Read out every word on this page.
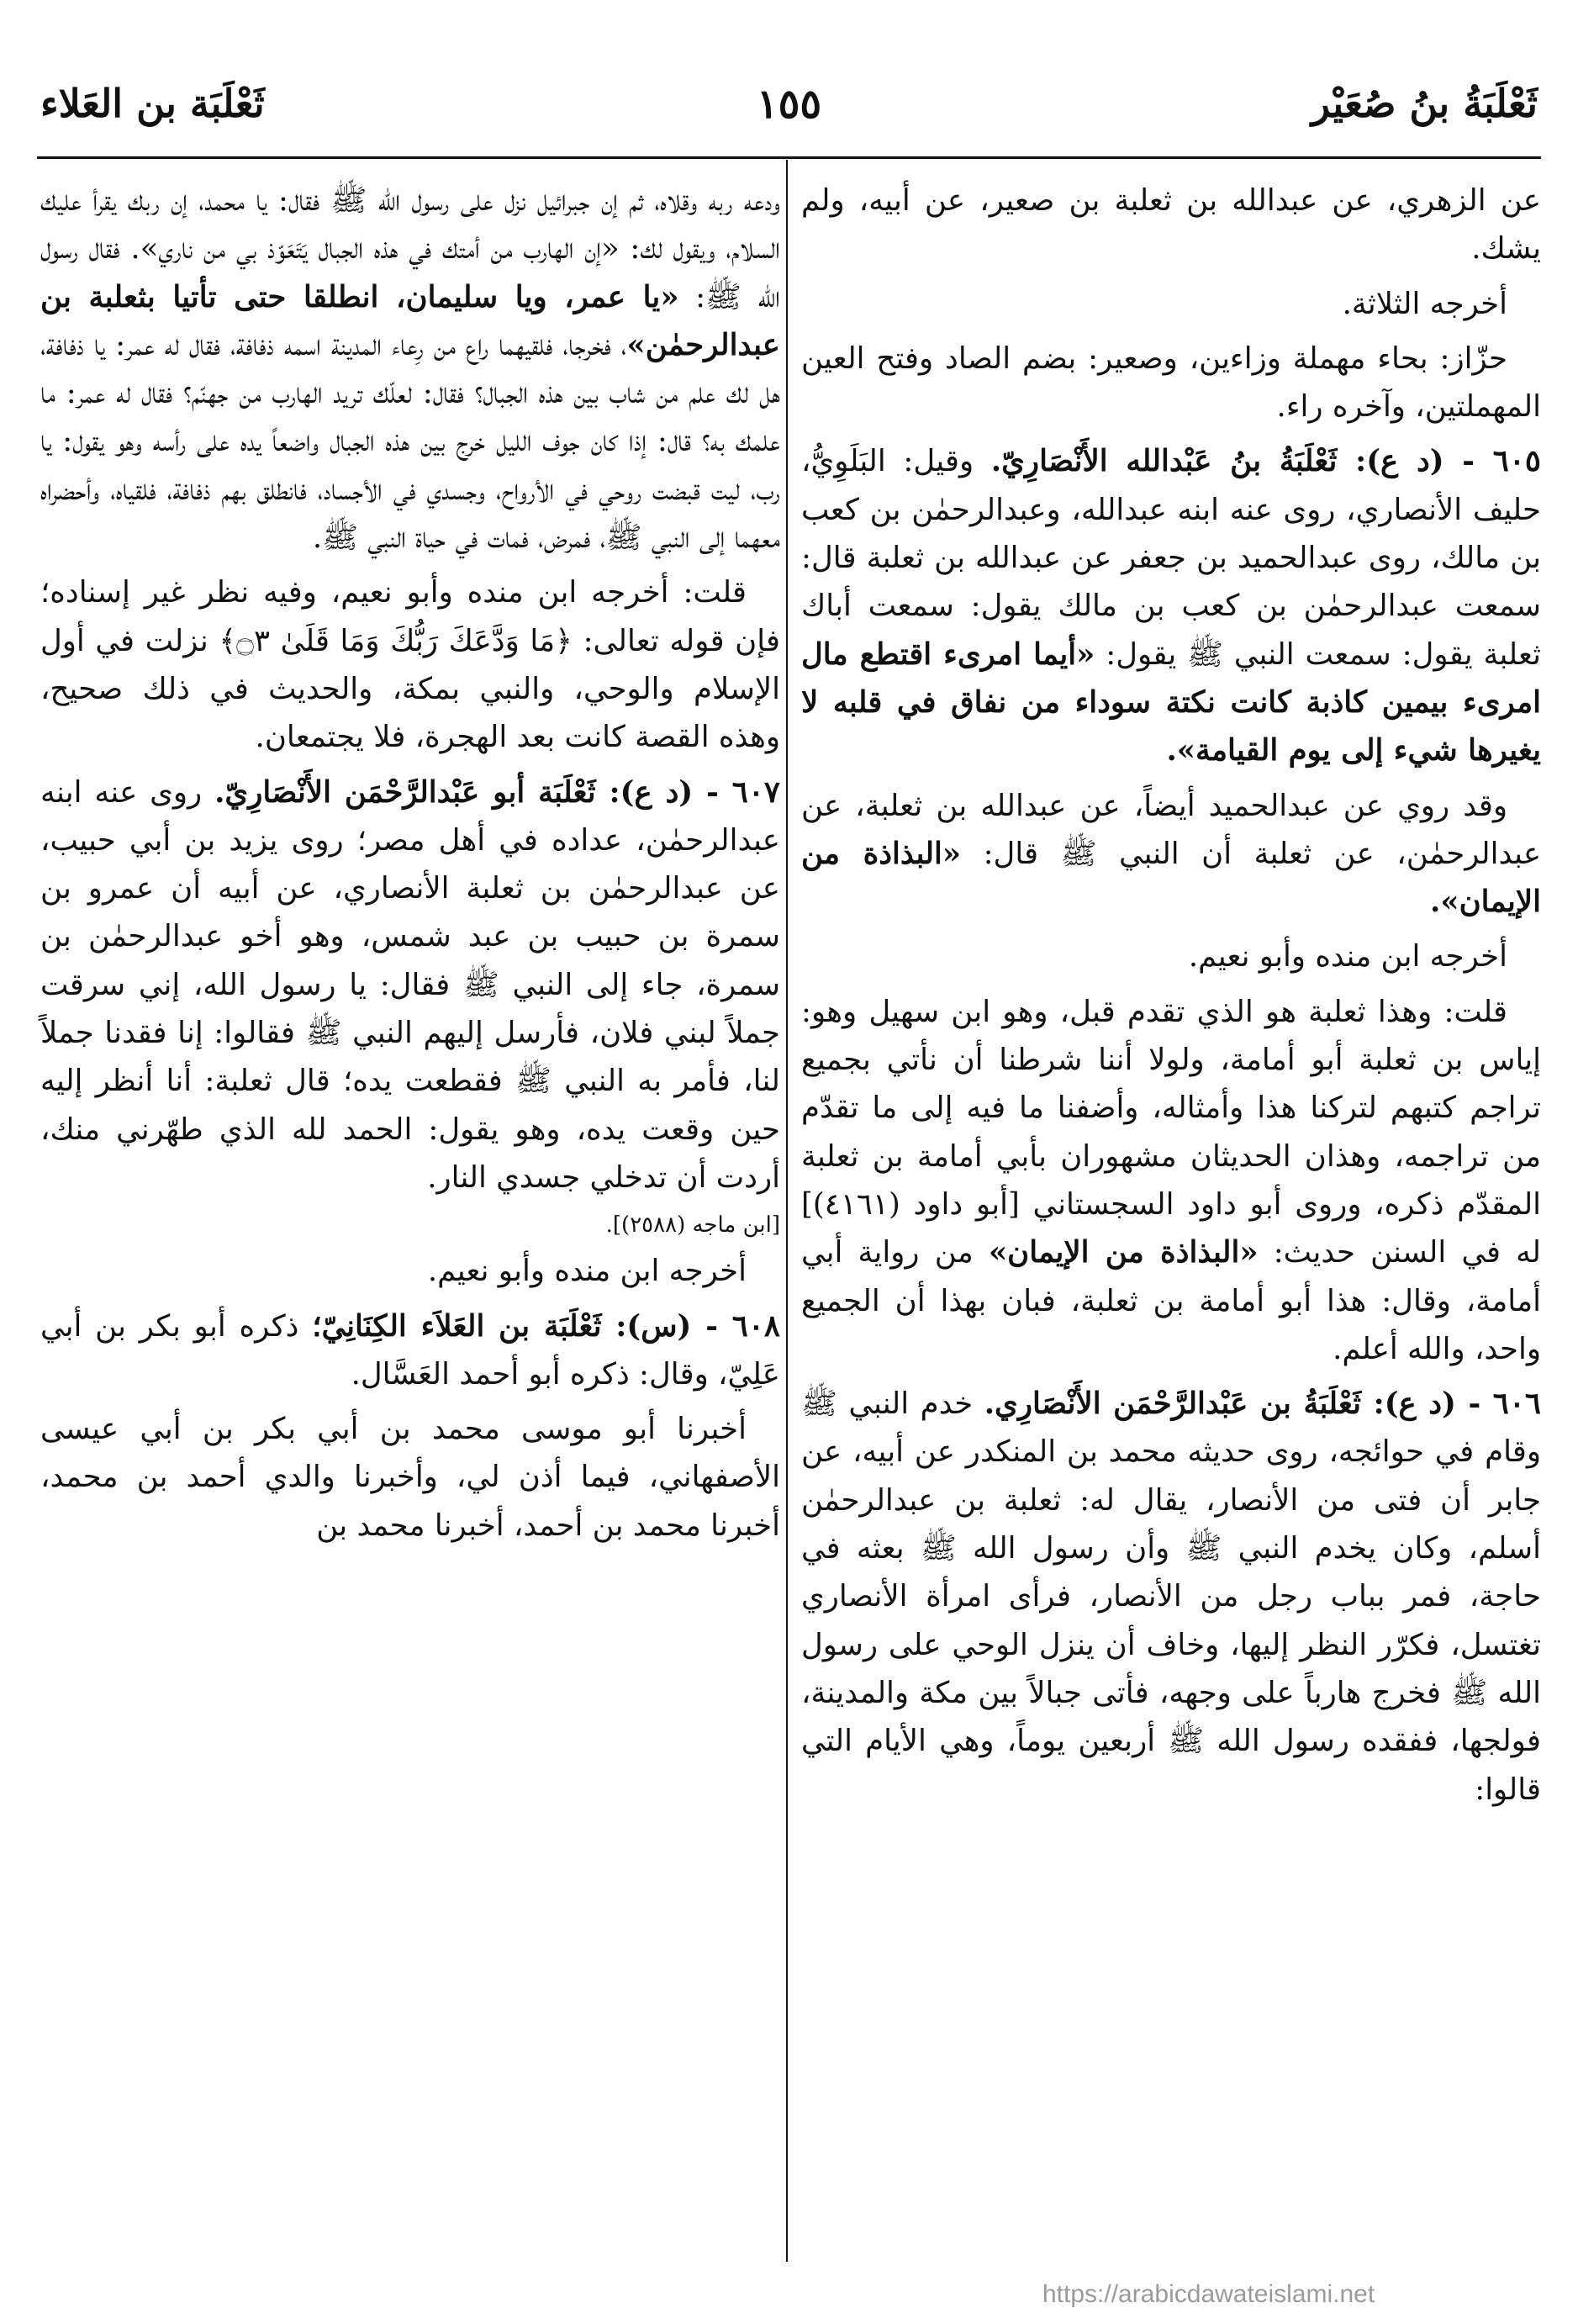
ثَعْلَبَةُ بنُ صُعَيْر
١٥٥
ثَعْلَبَة بن العَلاء

عن الزهري، عن عبدالله بن ثعلبة بن صعير، عن أبيه، ولم يشك.

أخرجه الثلاثة.

حزّاز: بحاء مهملة وزاءين، وصعير: بضم الصاد وفتح العين المهملتين، وآخره راء.

٦٠٥ - (د ع): ثَعْلَبَةُ بنُ عَبْدالله الأَنْصَارِيّ. وقيل: البَلَوِيُّ، حليف الأنصاري، روى عنه ابنه عبدالله، وعبدالرحمٰن بن كعب بن مالك، روى عبدالحميد بن جعفر عن عبدالله بن ثعلبة قال: سمعت عبدالرحمٰن بن كعب بن مالك يقول: سمعت أباك ثعلبة يقول: سمعت النبي ﷺ يقول: «أيما امرىء اقتطع مال امرىء بيمين كاذبة كانت نكتة سوداء من نفاق في قلبه لا يغيرها شيء إلى يوم القيامة».

وقد روي عن عبدالحميد أيضاً، عن عبدالله بن ثعلبة، عن عبدالرحمٰن، عن ثعلبة أن النبي ﷺ قال: «البذاذة من الإيمان».

أخرجه ابن منده وأبو نعيم.

قلت: وهذا ثعلبة هو الذي تقدم قبل، وهو ابن سهيل وهو: إياس بن ثعلبة أبو أمامة، ولولا أننا شرطنا أن نأتي بجميع تراجم كتبهم لتركنا هذا وأمثاله، وأضفنا ما فيه إلى ما تقدّم من تراجمه، وهذان الحديثان مشهوران بأبي أمامة بن ثعلبة المقدّم ذكره، وروى أبو داود السجستاني [أبو داود (٤١٦١)] له في السنن حديث: «البذاذة من الإيمان» من رواية أبي أمامة، وقال: هذا أبو أمامة بن ثعلبة، فبان بهذا أن الجميع واحد، والله أعلم.

٦٠٦ - (د ع): ثَعْلَبَةُ بن عَبْدالرَّحْمَن الأَنْصَارِي. خدم النبي ﷺ وقام في حوائجه، روى حديثه محمد بن المنكدر عن أبيه، عن جابر أن فتى من الأنصار، يقال له: ثعلبة بن عبدالرحمٰن أسلم، وكان يخدم النبي ﷺ وأن رسول الله ﷺ بعثه في حاجة، فمر بباب رجل من الأنصار، فرأى امرأة الأنصاري تغتسل، فكرّر النظر إليها، وخاف أن ينزل الوحي على رسول الله ﷺ فخرج هارباً على وجهه، فأتى جبالاً بين مكة والمدينة، فولجها، ففقده رسول الله ﷺ أربعين يوماً، وهي الأيام التي قالوا:

ودعه ربه وقلاه، ثم إن جبرائيل نزل على رسول الله ﷺ فقال: يا محمد، إن ربك يقرأ عليك السلام، ويقول لك: «إن الهارب من أمتك في هذه الجبال يَتَعَوّذ بي من ناري». فقال رسول الله ﷺ: «يا عمر، ويا سليمان، انطلقا حتى تأتيا بثعلبة بن عبدالرحمٰن»، فخرجا، فلقيهما راع من رِعاء المدينة اسمه ذفافة، فقال له عمر: يا ذفافة، هل لك علم من شاب بين هذه الجبال؟ فقال: لعلّك تريد الهارب من جهنّم؟ فقال له عمر: ما علمك به؟ قال: إذا كان جوف الليل خرج بين هذه الجبال واضعاً يده على رأسه وهو يقول: يا رب، ليت قبضت روحي في الأرواح، وجسدي في الأجساد، فانطلق بهم ذفافة، فلقياه، وأحضراه معهما إلى النبي ﷺ، فمرض، فمات في حياة النبي ﷺ.

قلت: أخرجه ابن منده وأبو نعيم، وفيه نظر غير إسناده؛ فإن قوله تعالى: ﴿مَا وَدَّعَكَ رَبُّكَ وَمَا قَلَىٰ ۝٣﴾ نزلت في أول الإسلام والوحي، والنبي بمكة، والحديث في ذلك صحيح، وهذه القصة كانت بعد الهجرة، فلا يجتمعان.

٦٠٧ - (د ع): ثَعْلَبَة أبو عَبْدالرَّحْمَن الأَنْصَارِيّ. روى عنه ابنه عبدالرحمٰن، عداده في أهل مصر؛ روى يزيد بن أبي حبيب، عن عبدالرحمٰن بن ثعلبة الأنصاري، عن أبيه أن عمرو بن سمرة بن حبيب بن عبد شمس، وهو أخو عبدالرحمٰن بن سمرة، جاء إلى النبي ﷺ فقال: يا رسول الله، إني سرقت جملاً لبني فلان، فأرسل إليهم النبي ﷺ فقالوا: إنا فقدنا جملاً لنا، فأمر به النبي ﷺ فقطعت يده؛ قال ثعلبة: أنا أنظر إليه حين وقعت يده، وهو يقول: الحمد لله الذي طهّرني منك، أردت أن تدخلي جسدي النار.

[ابن ماجه (٢٥٨٨)].

أخرجه ابن منده وأبو نعيم.

٦٠٨ - (س): ثَعْلَبَة بن العَلاَء الكِنَانِيّ؛ ذكره أبو بكر بن أبي عَلِيّ، وقال: ذكره أبو أحمد العَسَّال.

أخبرنا أبو موسى محمد بن أبي بكر بن أبي عيسى الأصفهاني، فيما أذن لي، وأخبرنا والدي أحمد بن محمد، أخبرنا محمد بن أحمد، أخبرنا محمد بن

https://arabicdawateislami.net
